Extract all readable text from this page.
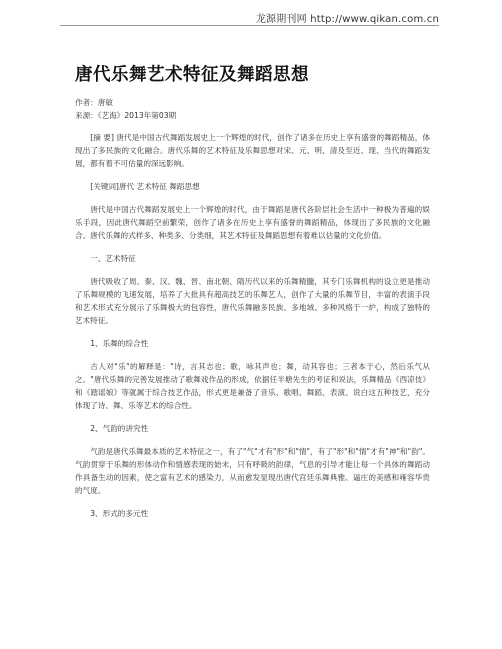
龙源期刊网 http://www.qikan.com.cn
唐代乐舞艺术特征及舞蹈思想
作者：唐敏
来源：《艺海》2013年第03期

[摘 要] 唐代是中国古代舞蹈发展史上一个辉煌的时代，创作了诸多在历史上享有盛誉的舞蹈精品，体现出了多民族的文化融合。唐代乐舞的艺术特征及乐舞思想对宋、元、明、清及至近、现、当代的舞蹈发展，都有着不可估量的深远影响。

[关键词]唐代 艺术特征 舞蹈思想

唐代是中国古代舞蹈发展史上一个辉煌的时代，由于舞蹈是唐代各阶层社会生活中一种极为普遍的娱乐手段，因此唐代舞蹈空前繁荣，创作了诸多在历史上享有盛誉的舞蹈精品，体现出了多民族的文化融合。唐代乐舞的式样多、种类多、分类细，其艺术特征及舞蹈思想有着难以估量的文化价值。

一、艺术特征

唐代吸收了周、秦、汉、魏、晋、南北朝、隋历代以来的乐舞精髓，其专门乐舞机构的设立更是推动了乐舞规模的飞速发展，培养了大批具有超高技艺的乐舞艺人，创作了大量的乐舞节目，丰富的表演手段和艺术形式充分展示了乐舞极大的包容性，唐代乐舞融多民族、多地域、多种风格于一炉，构成了独特的艺术特征。

1、乐舞的综合性

古人对"乐"的解释是："诗，言其志也；歌，咏其声也；舞，动其容也；三者本于心，然后乐气从之。"唐代乐舞的完善发展推动了歌舞戏作品的形成，依据任半塘先生的考证和说法，乐舞精品《西凉伎》和《踏谣娘》等就属于综合技艺作品，形式更是兼备了音乐、歌唱、舞蹈、表演、说白这五种技艺，充分体现了诗、舞、乐等艺术的综合性。

2、气韵的讲究性

气韵是唐代乐舞最本质的艺术特征之一，有了"气"才有"形"和"情"，有了"形"和"情"才有"神"和"韵"。气韵贯穿于乐舞的形体动作和情感表现的始末，只有呼吸的韵律，气息的引导才能让每一个具体的舞蹈动作具备生动的因素，使之富有艺术的感染力，从而愈发显现出唐代宫廷乐舞典雅、逼庄的美感和雍容华贵的气度。

3、形式的多元性
